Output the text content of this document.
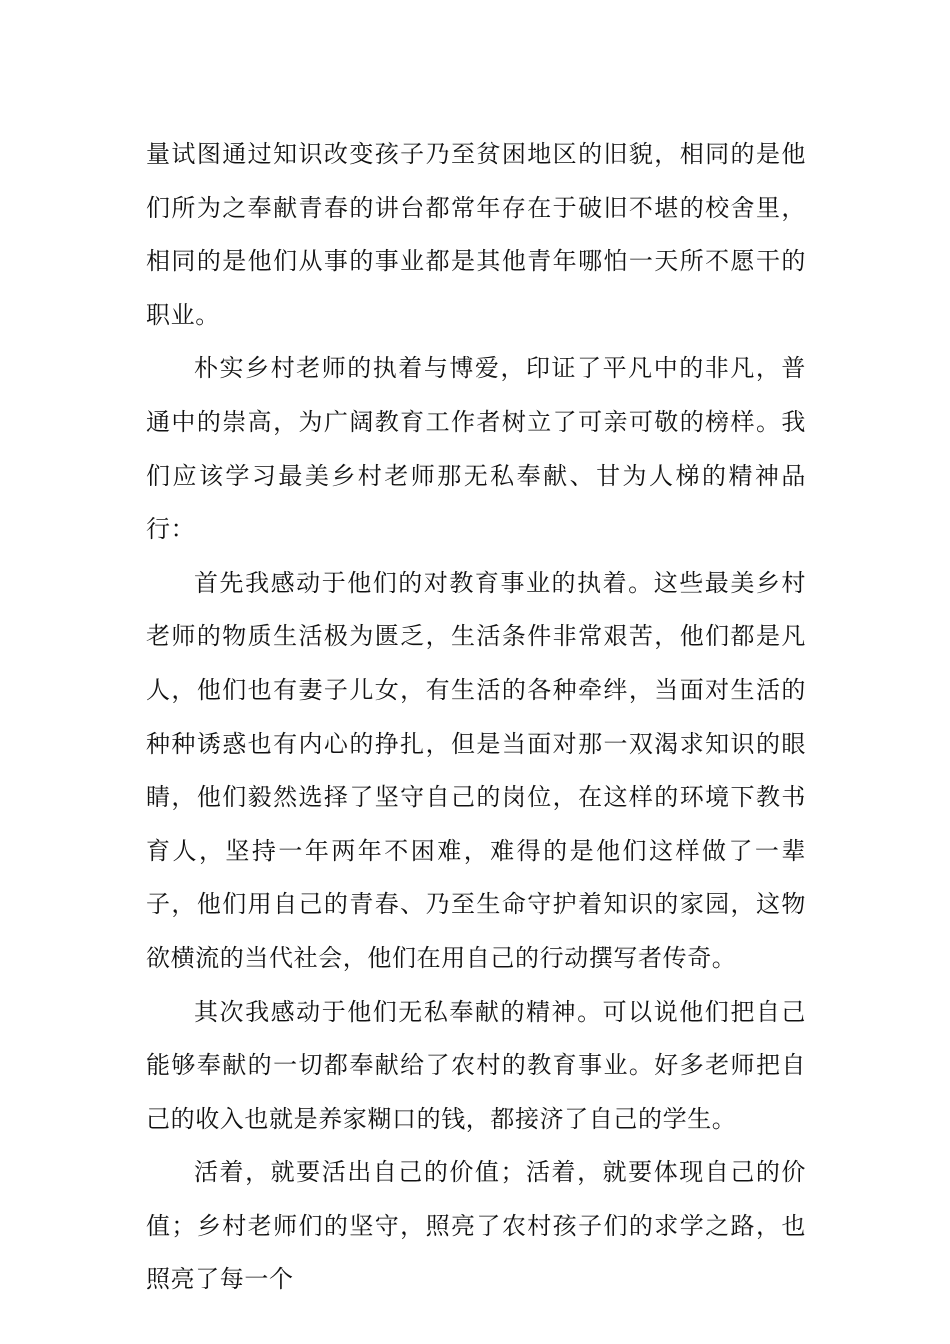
量试图通过知识改变孩子乃至贫困地区的旧貌，相同的是他们所为之奉献青春的讲台都常年存在于破旧不堪的校舍里，相同的是他们从事的事业都是其他青年哪怕一天所不愿干的职业。

朴实乡村老师的执着与博爱，印证了平凡中的非凡，普通中的崇高，为广阔教育工作者树立了可亲可敬的榜样。我们应该学习最美乡村老师那无私奉献、甘为人梯的精神品行：

首先我感动于他们的对教育事业的执着。这些最美乡村老师的物质生活极为匮乏，生活条件非常艰苦，他们都是凡人，他们也有妻子儿女，有生活的各种牵绊，当面对生活的种种诱惑也有内心的挣扎，但是当面对那一双渴求知识的眼睛，他们毅然选择了坚守自己的岗位，在这样的环境下教书育人，坚持一年两年不困难，难得的是他们这样做了一辈子，他们用自己的青春、乃至生命守护着知识的家园，这物欲横流的当代社会，他们在用自己的行动撰写者传奇。

其次我感动于他们无私奉献的精神。可以说他们把自己能够奉献的一切都奉献给了农村的教育事业。好多老师把自己的收入也就是养家糊口的钱，都接济了自己的学生。

活着，就要活出自己的价值；活着，就要体现自己的价值；乡村老师们的坚守，照亮了农村孩子们的求学之路，也照亮了每一个
